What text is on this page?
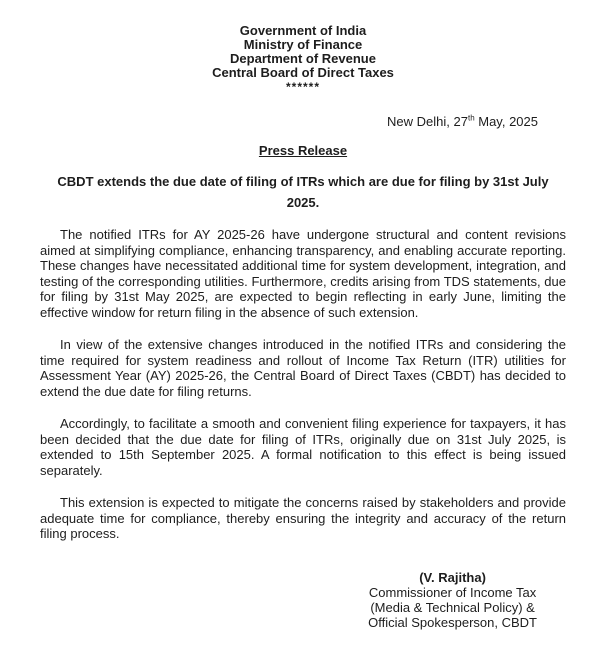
Government of India
Ministry of Finance
Department of Revenue
Central Board of Direct Taxes
******
New Delhi, 27th May, 2025
Press Release
CBDT extends the due date of filing of ITRs which are due for filing by 31st July
2025.

The notified ITRs for AY 2025-26 have undergone structural and content revisions aimed at simplifying compliance, enhancing transparency, and enabling accurate reporting. These changes have necessitated additional time for system development, integration, and testing of the corresponding utilities. Furthermore, credits arising from TDS statements, due for filing by 31st May 2025, are expected to begin reflecting in early June, limiting the effective window for return filing in the absence of such extension.

In view of the extensive changes introduced in the notified ITRs and considering the time required for system readiness and rollout of Income Tax Return (ITR) utilities for Assessment Year (AY) 2025-26, the Central Board of Direct Taxes (CBDT) has decided to extend the due date for filing returns.

Accordingly, to facilitate a smooth and convenient filing experience for taxpayers, it has been decided that the due date for filing of ITRs, originally due on 31st July 2025, is extended to 15th September 2025. A formal notification to this effect is being issued separately.

This extension is expected to mitigate the concerns raised by stakeholders and provide adequate time for compliance, thereby ensuring the integrity and accuracy of the return filing process.

(V. Rajitha)
Commissioner of Income Tax
(Media & Technical Policy) &
Official Spokesperson, CBDT
